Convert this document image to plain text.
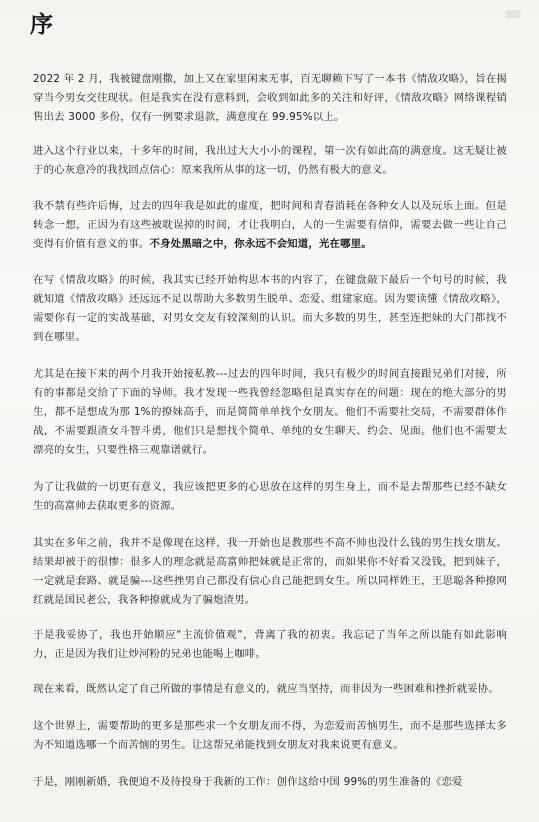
序

2022 年 2 月，我被键盘刚撒，加上又在家里闲来无事，百无聊赖下写了一本书《情敌攻略》，旨在揭穿当今男女交往现状。但是我实在没有意料到，会收到如此多的关注和好评，《情敌攻略》网络课程销售出去 3000 多份，仅有一例要求退款，满意度在 99.95%以上。

进入这个行业以来，十多年的时间，我出过大大小小的课程，第一次有如此高的满意度。这无疑让被于的心灰意冷的我找回点信心：原来我所从事的这一切，仍然有极大的意义。

我不禁有些许后悔，过去的四年我是如此的虚度，把时间和青春消耗在各种女人以及玩乐上面。但是转念一想，正因为有这些被耽误掉的时间，才让我明白，人的一生需要有信仰，需要去做一些让自己变得有价值有意义的事。不身处黑暗之中，你永远不会知道，光在哪里。

在写《情敌攻略》的时候，我其实已经开始构思本书的内容了，在键盘敲下最后一个句号的时候，我就知道《情敌攻略》还远远不足以帮助大多数男生脱单、恋爱、组建家庭。因为要读懂《情敌攻略》，需要你有一定的实战基础，对男女交友有较深刻的认识。而大多数的男生，甚至连把妹的大门都找不到在哪里。

尤其是在接下来的两个月我开始接私教---过去的四年时间，我只有极少的时间直接跟兄弟们对接，所有的事都是交给了下面的导师。我才发现一些我曾经忽略但是真实存在的问题：现在的绝大部分的男生，都不是想成为那 1%的撩妹高手，而是简简单单找个女朋友。他们不需要社交局，不需要群体作战，不需要跟渣女斗智斗勇，他们只是想找个简单、单纯的女生聊天、约会、见面。他们也不需要太漂亮的女生，只要性格三观靠谱就行。

为了让我做的一切更有意义，我应该把更多的心思放在这样的男生身上，而不是去帮那些已经不缺女生的高富帅去获取更多的资源。

其实在多年之前，我并不是像现在这样，我一开始也是教那些不高不帅也没什么钱的男生找女朋友。结果却被于的很惨：很多人的理念就是高富帅把妹就是正常的，而如果你不好看又没钱，把到妹子，一定就是套路、就是骗---这些挫男自己都没有信心自己能把到女生。所以同样姓王，王思聪各种撩网红就是国民老公，我各种撩就成为了骗炮渣男。

于是我妥协了，我也开始顺应“主流价值观”，背离了我的初衷。我忘记了当年之所以能有如此影响力，正是因为我们让炒河粉的兄弟也能喝上咖啡。

现在来看，既然认定了自己所做的事情是有意义的，就应当坚持，而非因为一些困难和挫折就妥协。

这个世界上，需要帮助的更多是那些求一个女朋友而不得，为恋爱而苦恼男生，而不是那些选择太多为不知道选哪一个而苦恼的男生。让这帮兄弟能找到女朋友对我来说更有意义。

于是，刚刚新婚，我便迫不及待投身于我新的工作：创作这给中国 99%的男生准备的《恋爱
